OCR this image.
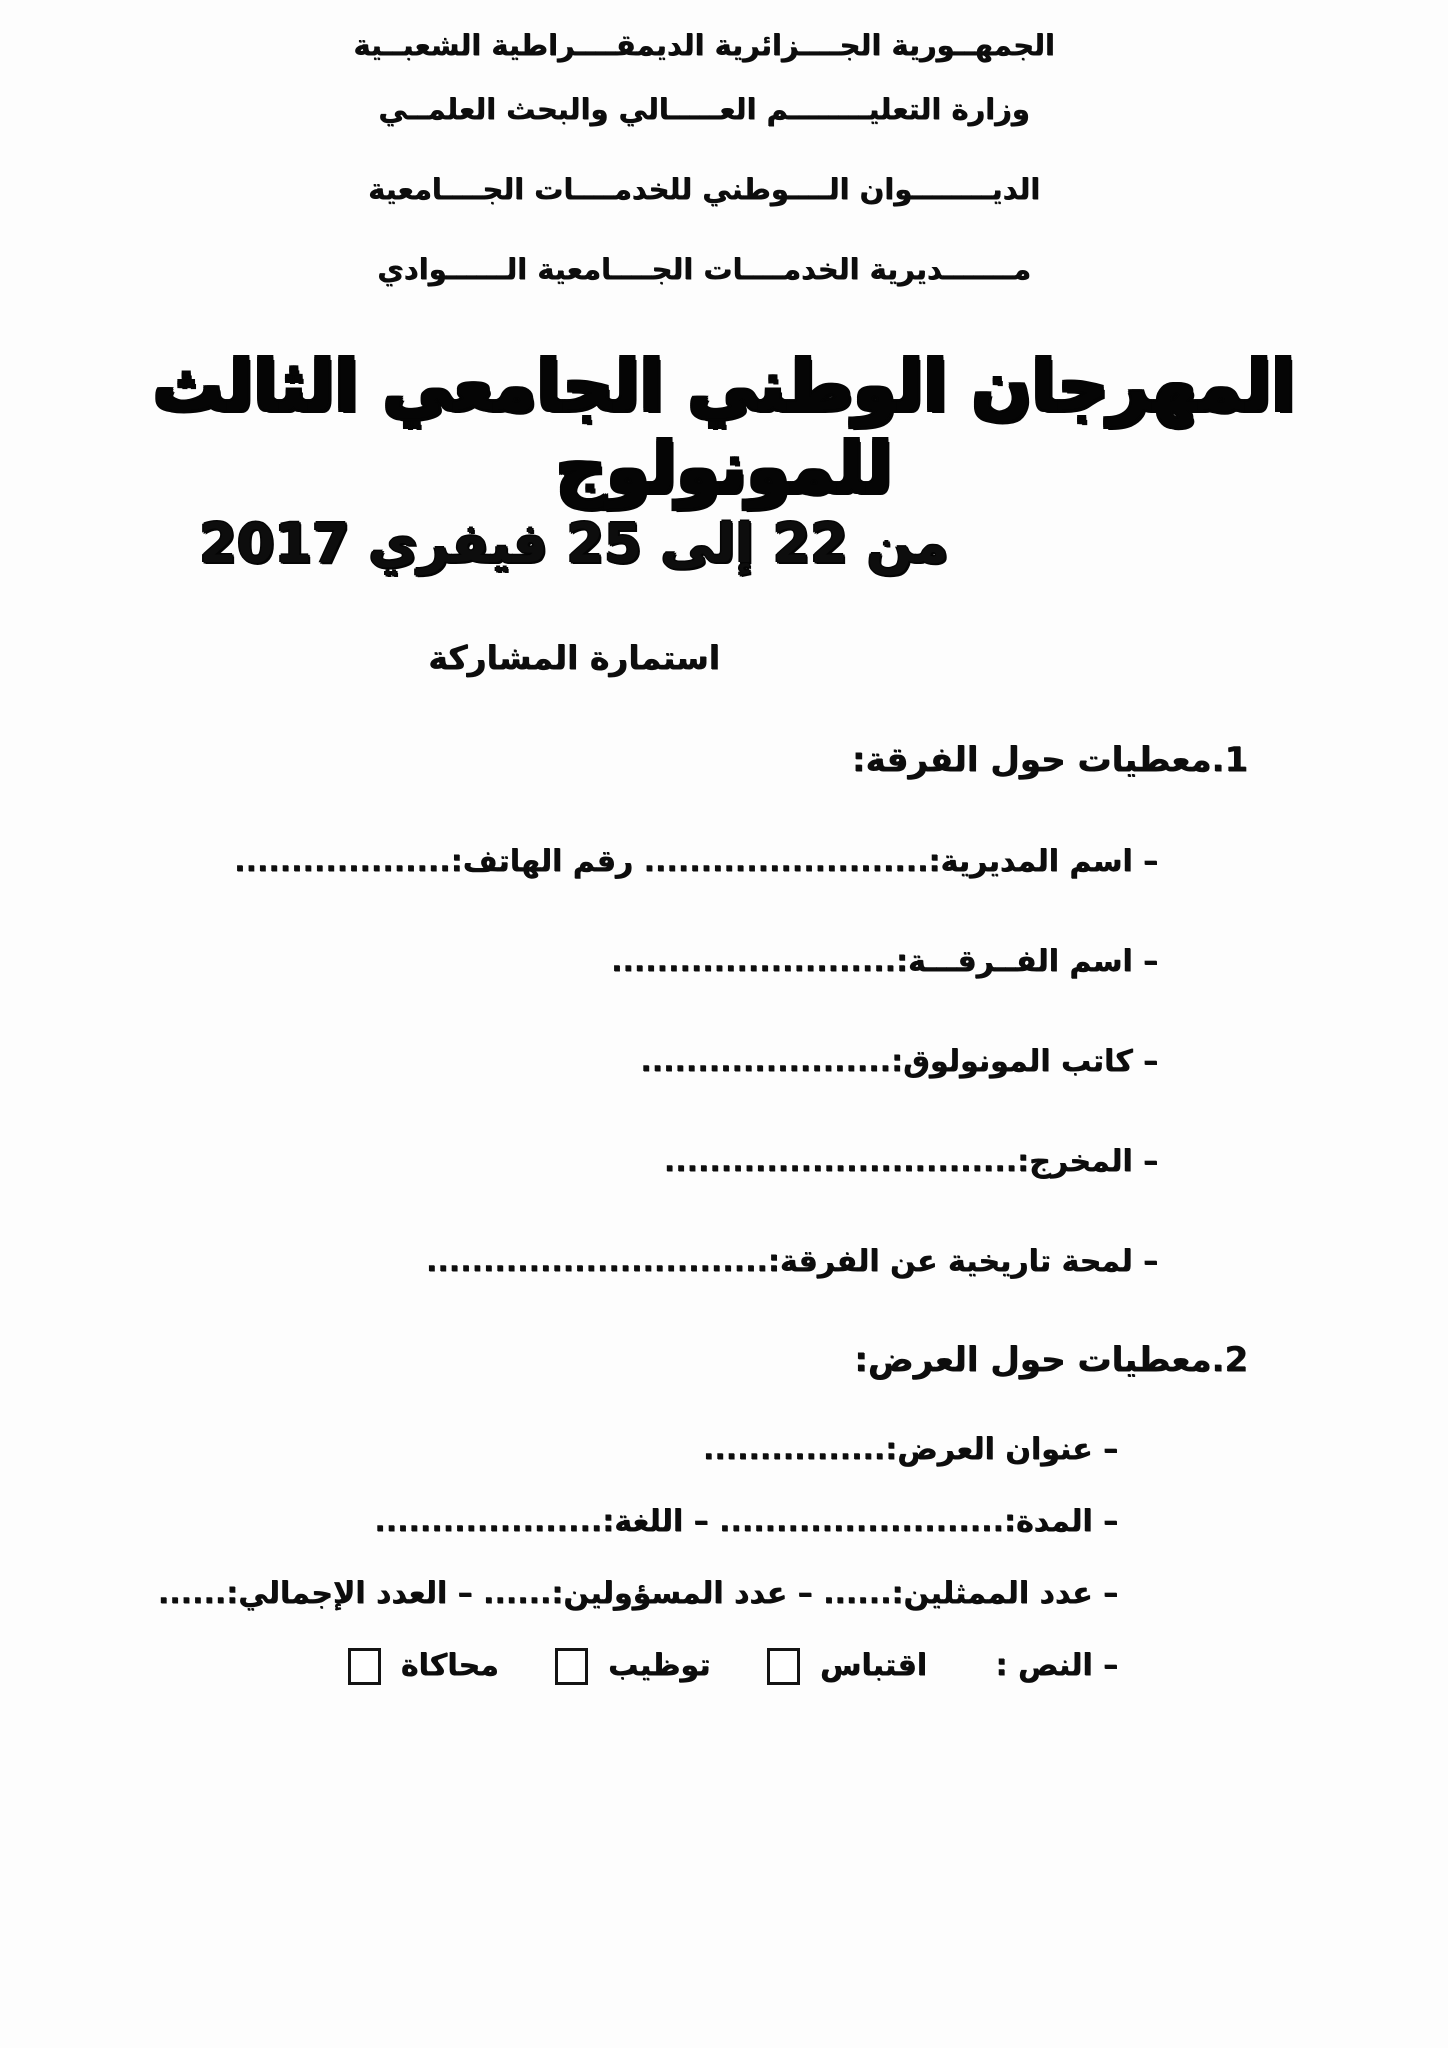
الجمهــورية الجــــزائرية الديمقــــراطية الشعبــية
وزارة التعليــــــــم العـــــالي والبحث العلمــي
الديــــــــوان الــــوطني للخدمــــات الجــــامعية
مـــــــديرية الخدمــــات الجــــامعية الــــــوادي
المهرجان الوطني الجامعي الثالث للمونولوج
من 22 إلى 25 فيفري 2017
استمارة المشاركة
1.معطيات حول الفرقة:
– اسم المديرية:......................... رقم الهاتف:...................
– اسم الفــرقـــة:.........................
– كاتب المونولوق:......................
– المخرج:...............................
– لمحة تاريخية عن الفرقة:..............................
2.معطيات حول العرض:
– عنوان العرض:................
– المدة:......................... – اللغة:....................
– عدد الممثلين:...... – عدد المسؤولين:...... – العدد الإجمالي:......
– النص : اقتباس توظيب محاكاة
